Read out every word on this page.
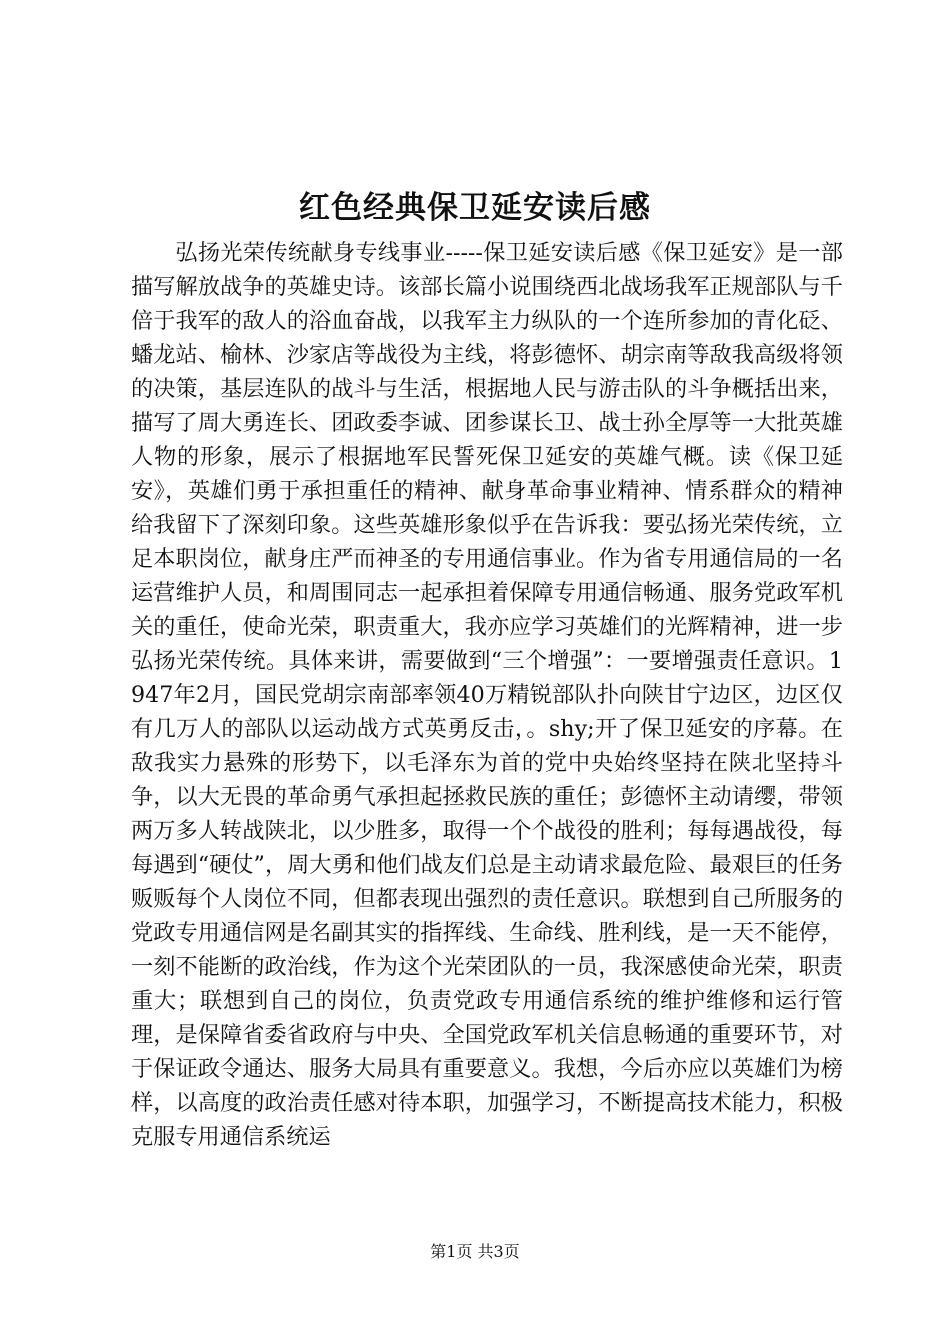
红色经典保卫延安读后感

弘扬光荣传统献身专线事业-----保卫延安读后感《保卫延安》是一部描写解放战争的英雄史诗。该部长篇小说围绕西北战场我军正规部队与千倍于我军的敌人的浴血奋战，以我军主力纵队的一个连所参加的青化砭、蟠龙站、榆林、沙家店等战役为主线，将彭德怀、胡宗南等敌我高级将领的决策，基层连队的战斗与生活，根据地人民与游击队的斗争概括出来，描写了周大勇连长、团政委李诚、团参谋长卫、战士孙全厚等一大批英雄人物的形象，展示了根据地军民誓死保卫延安的英雄气概。读《保卫延安》，英雄们勇于承担重任的精神、献身革命事业精神、情系群众的精神给我留下了深刻印象。这些英雄形象似乎在告诉我：要弘扬光荣传统，立足本职岗位，献身庄严而神圣的专用通信事业。作为省专用通信局的一名运营维护人员，和周围同志一起承担着保障专用通信畅通、服务党政军机关的重任，使命光荣，职责重大，我亦应学习英雄们的光辉精神，进一步弘扬光荣传统。具体来讲，需要做到“三个增强”：一要增强责任意识。1947年2月，国民党胡宗南部率领40万精锐部队扑向陕甘宁边区，边区仅有几万人的部队以运动战方式英勇反击，。shy;开了保卫延安的序幕。在敌我实力悬殊的形势下，以毛泽东为首的党中央始终坚持在陕北坚持斗争，以大无畏的革命勇气承担起拯救民族的重任；彭德怀主动请缨，带领两万多人转战陕北，以少胜多，取得一个个战役的胜利；每每遇战役，每每遇到“硬仗”，周大勇和他们战友们总是主动请求最危险、最艰巨的任务贩贩每个人岗位不同，但都表现出强烈的责任意识。联想到自己所服务的党政专用通信网是名副其实的指挥线、生命线、胜利线，是一天不能停，一刻不能断的政治线，作为这个光荣团队的一员，我深感使命光荣，职责重大；联想到自己的岗位，负责党政专用通信系统的维护维修和运行管理，是保障省委省政府与中央、全国党政军机关信息畅通的重要环节，对于保证政令通达、服务大局具有重要意义。我想，今后亦应以英雄们为榜样，以高度的政治责任感对待本职，加强学习，不断提高技术能力，积极克服专用通信系统运

第1页 共3页
